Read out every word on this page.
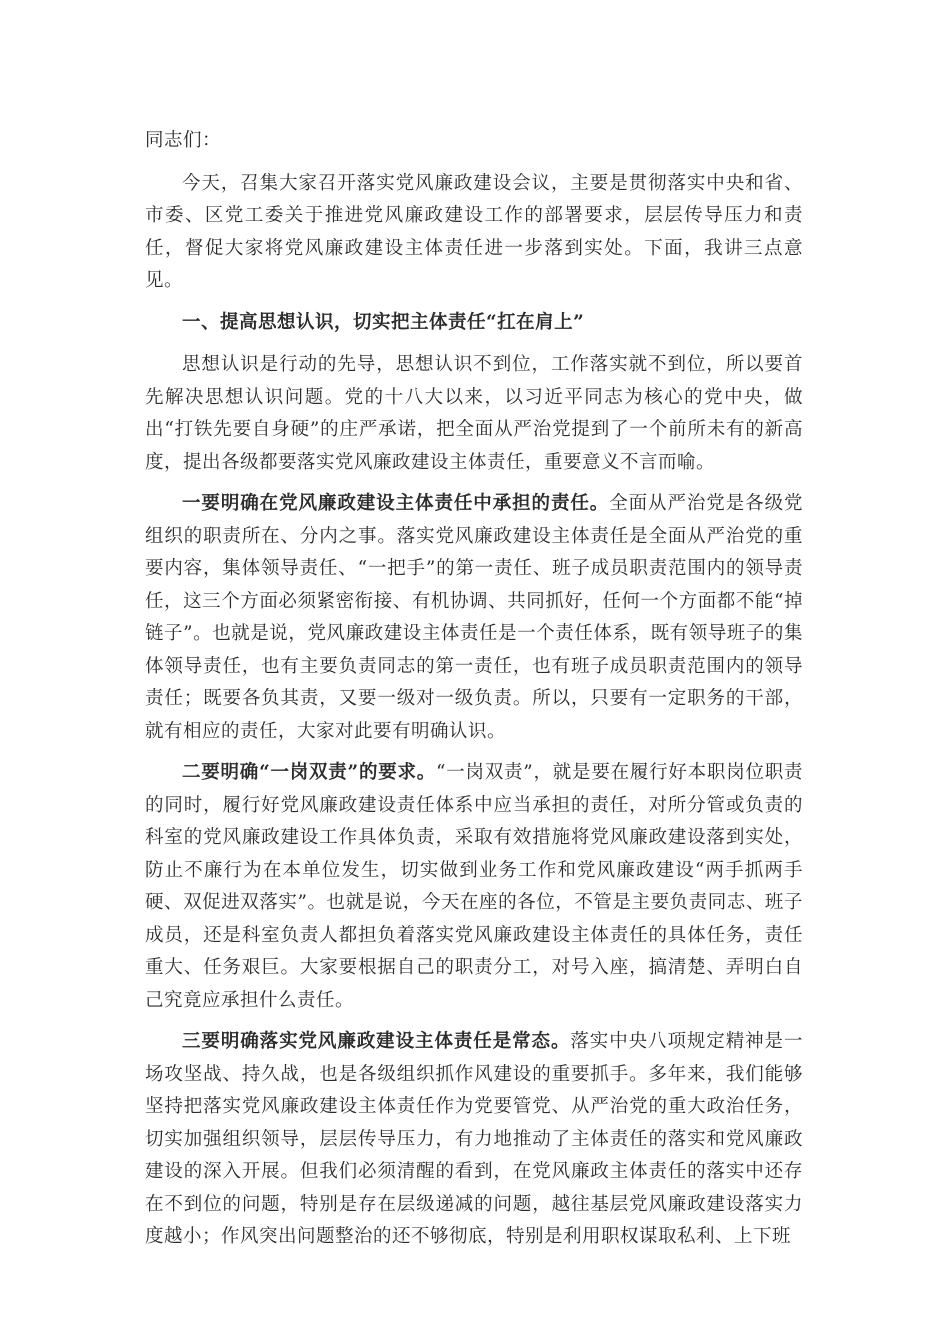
同志们：

今天，召集大家召开落实党风廉政建设会议，主要是贯彻落实中央和省、市委、区党工委关于推进党风廉政建设工作的部署要求，层层传导压力和责任，督促大家将党风廉政建设主体责任进一步落到实处。下面，我讲三点意见。

一、提高思想认识，切实把主体责任“扛在肩上”

思想认识是行动的先导，思想认识不到位，工作落实就不到位，所以要首先解决思想认识问题。党的十八大以来，以习近平同志为核心的党中央，做出“打铁先要自身硬”的庄严承诺，把全面从严治党提到了一个前所未有的新高度，提出各级都要落实党风廉政建设主体责任，重要意义不言而喻。

一要明确在党风廉政建设主体责任中承担的责任。全面从严治党是各级党组织的职责所在、分内之事。落实党风廉政建设主体责任是全面从严治党的重要内容，集体领导责任、“一把手”的第一责任、班子成员职责范围内的领导责任，这三个方面必须紧密衔接、有机协调、共同抓好，任何一个方面都不能“掉链子”。也就是说，党风廉政建设主体责任是一个责任体系，既有领导班子的集体领导责任，也有主要负责同志的第一责任，也有班子成员职责范围内的领导责任；既要各负其责，又要一级对一级负责。所以，只要有一定职务的干部，就有相应的责任，大家对此要有明确认识。

二要明确“一岗双责”的要求。“一岗双责”，就是要在履行好本职岗位职责的同时，履行好党风廉政建设责任体系中应当承担的责任，对所分管或负责的科室的党风廉政建设工作具体负责，采取有效措施将党风廉政建设落到实处，防止不廉行为在本单位发生，切实做到业务工作和党风廉政建设“两手抓两手硬、双促进双落实”。也就是说，今天在座的各位，不管是主要负责同志、班子成员，还是科室负责人都担负着落实党风廉政建设主体责任的具体任务，责任重大、任务艰巨。大家要根据自己的职责分工，对号入座，搞清楚、弄明白自己究竟应承担什么责任。

三要明确落实党风廉政建设主体责任是常态。落实中央八项规定精神是一场攻坚战、持久战，也是各级组织抓作风建设的重要抓手。多年来，我们能够坚持把落实党风廉政建设主体责任作为党要管党、从严治党的重大政治任务，切实加强组织领导，层层传导压力，有力地推动了主体责任的落实和党风廉政建设的深入开展。但我们必须清醒的看到，在党风廉政主体责任的落实中还存在不到位的问题，特别是存在层级递减的问题，越往基层党风廉政建设落实力度越小；作风突出问题整治的还不够彻底，特别是利用职权谋取私利、上下班
